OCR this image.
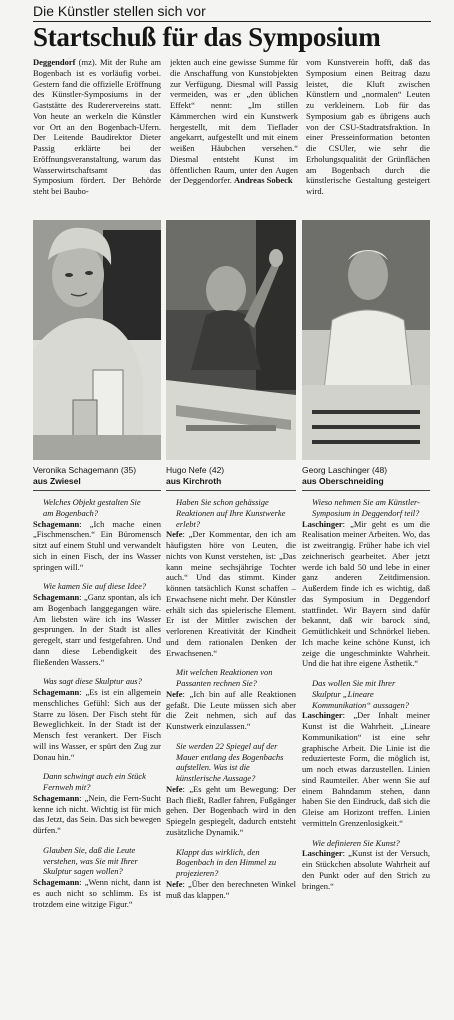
Die Künstler stellen sich vor
Startschuß für das Symposium

Deggendorf (mz). Mit der Ruhe am Bogenbach ist es vorläufig vorbei. Gestern fand die offizielle Eröffnung des Künstler-Symposiums in der Gaststätte des Ruderervereins statt. Von heute an werkeln die Künstler vor Ort an den Bogenbach-Ufern. Der Leitende Baudirektor Dieter Passig erklärte bei der Eröffnungsveranstaltung, warum das Wasserwirtschaftsamt das Symposium fördert. Der Behörde steht bei Baubo-

jekten auch eine gewisse Summe für die Anschaffung von Kunstobjekten zur Verfügung. Diesmal will Passig vermeiden, was er „den üblichen Effekt“ nennt: „Im stillen Kämmerchen wird ein Kunstwerk hergestellt, mit dem Tieflader angekarrt, aufgestellt und mit einem weißen Häubchen versehen.“ Diesmal entsteht Kunst im öffentlichen Raum, unter den Augen der Deggendorfer. Andreas Sobeck

vom Kunstverein hofft, daß das Symposium einen Beitrag dazu leistet, die Kluft zwischen Künstlern und „normalen“ Leuten zu verkleinern. Lob für das Symposium gab es übrigens auch von der CSU-Stadtratsfraktion. In einer Presseinformation betonten die CSUler, wie sehr die Erholungsqualität der Grünflächen am Bogenbach durch die künstlerische Gestaltung gesteigert wird.

Veronika Schagemann (35)
aus Zwiesel
Hugo Nefe (42)
aus Kirchroth
Georg Laschinger (48)
aus Oberschneiding

Welches Objekt gestalten Sie am Bogenbach?

Schagemann: „Ich mache einen „Fischmenschen.“ Ein Büromensch sitzt auf einem Stuhl und verwandelt sich in einen Fisch, der ins Wasser springen will.“

Wie kamen Sie auf diese Idee?

Schagemann: „Ganz spontan, als ich am Bogenbach langgegangen wäre. Am liebsten wäre ich ins Wasser gesprungen. In der Stadt ist alles geregelt, starr und festgefahren. Und dann diese Lebendigkeit des fließenden Wassers.“

Was sagt diese Skulptur aus?

Schagemann: „Es ist ein allgemein menschliches Gefühl: Sich aus der Starre zu lösen. Der Fisch steht für Beweglichkeit. In der Stadt ist der Mensch fest verankert. Der Fisch will ins Wasser, er spürt den Zug zur Donau hin.“

Dann schwingt auch ein Stück Fernweh mit?

Schagemann: „Nein, die Fern-Sucht kenne ich nicht. Wichtig ist für mich das Jetzt, das Sein. Das sich bewegen dürfen.“

Glauben Sie, daß die Leute verstehen, was Sie mit Ihrer Skulptur sagen wollen?

Schagemann: „Wenn nicht, dann ist es auch nicht so schlimm. Es ist trotzdem eine witzige Figur.“

Haben Sie schon gehässige Reaktionen auf Ihre Kunstwerke erlebt?

Nefe: „Der Kommentar, den ich am häufigsten höre von Leuten, die nichts von Kunst verstehen, ist: „Das kann meine sechsjährige Tochter auch.“ Und das stimmt. Kinder können tatsächlich Kunst schaffen – Erwachsene nicht mehr. Der Künstler erhält sich das spielerische Element. Er ist der Mittler zwischen der verlorenen Kreativität der Kindheit und dem rationalen Denken der Erwachsenen.“

Mit welchen Reaktionen von Passanten rechnen Sie?

Nefe: „Ich bin auf alle Reaktionen gefaßt. Die Leute müssen sich aber die Zeit nehmen, sich auf das Kunstwerk einzulassen.“

Sie werden 22 Spiegel auf der Mauer entlang des Bogenbachs aufstellen. Was ist die künstlerische Aussage?

Nefe: „Es geht um Bewegung: Der Bach fließt, Radler fahren, Fußgänger gehen. Der Bogenbach wird in den Spiegeln gespiegelt, dadurch entsteht zusätzliche Dynamik.“

Klappt das wirklich, den Bogenbach in den Himmel zu projezieren?

Nefe: „Über den berechneten Winkel muß das klappen.“

Wieso nehmen Sie am Künstler-Symposium in Deggendorf teil?

Laschinger: „Mir geht es um die Realisation meiner Arbeiten. Wo, das ist zweitrangig. Früher habe ich viel zeichnerisch gearbeitet. Aber jetzt werde ich bald 50 und lebe in einer ganz anderen Zeitdimension. Außerdem finde ich es wichtig, daß das Symposium in Deggendorf stattfindet. Wir Bayern sind dafür bekannt, daß wir barock sind, Gemütlichkeit und Schnörkel lieben. Ich mache keine schöne Kunst, ich zeige die ungeschminkte Wahrheit. Und die hat ihre eigene Ästhetik.“

Das wollen Sie mit Ihrer Skulptur „Lineare Kommunikation“ aussagen?

Laschinger: „Der Inhalt meiner Kunst ist die Wahrheit. „Lineare Kommunikation“ ist eine sehr graphische Arbeit. Die Linie ist die reduzierteste Form, die möglich ist, um noch etwas darzustellen. Linien sind Raumteiler. Aber wenn Sie auf einem Bahndamm stehen, dann haben Sie den Eindruck, daß sich die Gleise am Horizont treffen. Linien vermitteln Grenzenlosigkeit.“

Wie definieren Sie Kunst?

Laschinger: „Kunst ist der Versuch, ein Stückchen absolute Wahrheit auf den Punkt oder auf den Strich zu bringen.“
